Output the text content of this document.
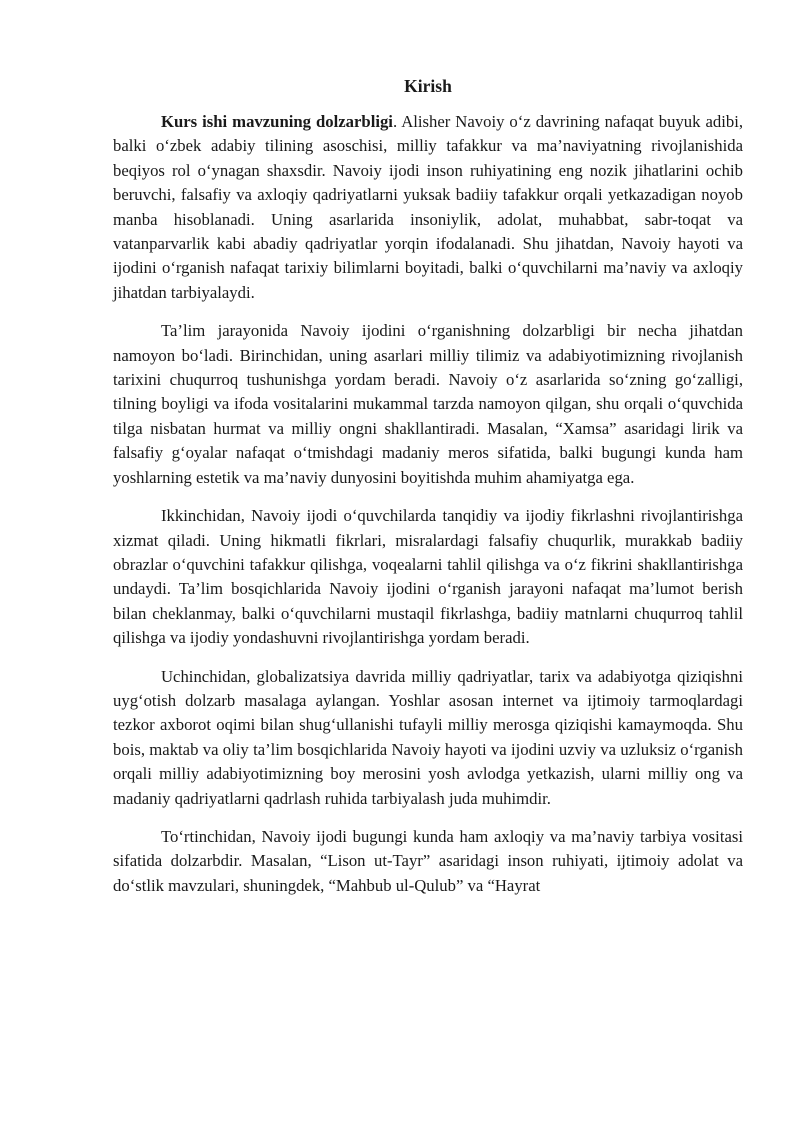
Kirish

Kurs ishi mavzuning dolzarbligi. Alisher Navoiy o‘z davrining nafaqat buyuk adibi, balki o‘zbek adabiy tilining asoschisi, milliy tafakkur va ma’naviyatning rivojlanishida beqiyos rol o‘ynagan shaxsdir. Navoiy ijodi inson ruhiyatining eng nozik jihatlarini ochib beruvchi, falsafiy va axloqiy qadriyatlarni yuksak badiiy tafakkur orqali yetkazadigan noyob manba hisoblanadi. Uning asarlarida insoniylik, adolat, muhabbat, sabr-toqat va vatanparvarlik kabi abadiy qadriyatlar yorqin ifodalanadi. Shu jihatdan, Navoiy hayoti va ijodini o‘rganish nafaqat tarixiy bilimlarni boyitadi, balki o‘quvchilarni ma’naviy va axloqiy jihatdan tarbiyalaydi.

Ta’lim jarayonida Navoiy ijodini o‘rganishning dolzarbligi bir necha jihatdan namoyon bo‘ladi. Birinchidan, uning asarlari milliy tilimiz va adabiyotimizning rivojlanish tarixini chuqurroq tushunishga yordam beradi. Navoiy o‘z asarlarida so‘zning go‘zalligi, tilning boyligi va ifoda vositalarini mukammal tarzda namoyon qilgan, shu orqali o‘quvchida tilga nisbatan hurmat va milliy ongni shakllantiradi. Masalan, “Xamsa” asaridagi lirik va falsafiy g‘oyalar nafaqat o‘tmishdagi madaniy meros sifatida, balki bugungi kunda ham yoshlarning estetik va ma’naviy dunyosini boyitishda muhim ahamiyatga ega.

Ikkinchidan, Navoiy ijodi o‘quvchilarda tanqidiy va ijodiy fikrlashni rivojlantirishga xizmat qiladi. Uning hikmatli fikrlari, misralardagi falsafiy chuqurlik, murakkab badiiy obrazlar o‘quvchini tafakkur qilishga, voqealarni tahlil qilishga va o‘z fikrini shakllantirishga undaydi. Ta’lim bosqichlarida Navoiy ijodini o‘rganish jarayoni nafaqat ma’lumot berish bilan cheklanmay, balki o‘quvchilarni mustaqil fikrlashga, badiiy matnlarni chuqurroq tahlil qilishga va ijodiy yondashuvni rivojlantirishga yordam beradi.

Uchinchidan, globalizatsiya davrida milliy qadriyatlar, tarix va adabiyotga qiziqishni uyg‘otish dolzarb masalaga aylangan. Yoshlar asosan internet va ijtimoiy tarmoqlardagi tezkor axborot oqimi bilan shug‘ullanishi tufayli milliy merosga qiziqishi kamaymoqda. Shu bois, maktab va oliy ta’lim bosqichlarida Navoiy hayoti va ijodini uzviy va uzluksiz o‘rganish orqali milliy adabiyotimizning boy merosini yosh avlodga yetkazish, ularni milliy ong va madaniy qadriyatlarni qadrlash ruhida tarbiyalash juda muhimdir.

To‘rtinchidan, Navoiy ijodi bugungi kunda ham axloqiy va ma’naviy tarbiya vositasi sifatida dolzarbdir. Masalan, “Lison ut-Tayr” asaridagi inson ruhiyati, ijtimoiy adolat va do‘stlik mavzulari, shuningdek, “Mahbub ul-Qulub” va “Hayrat
